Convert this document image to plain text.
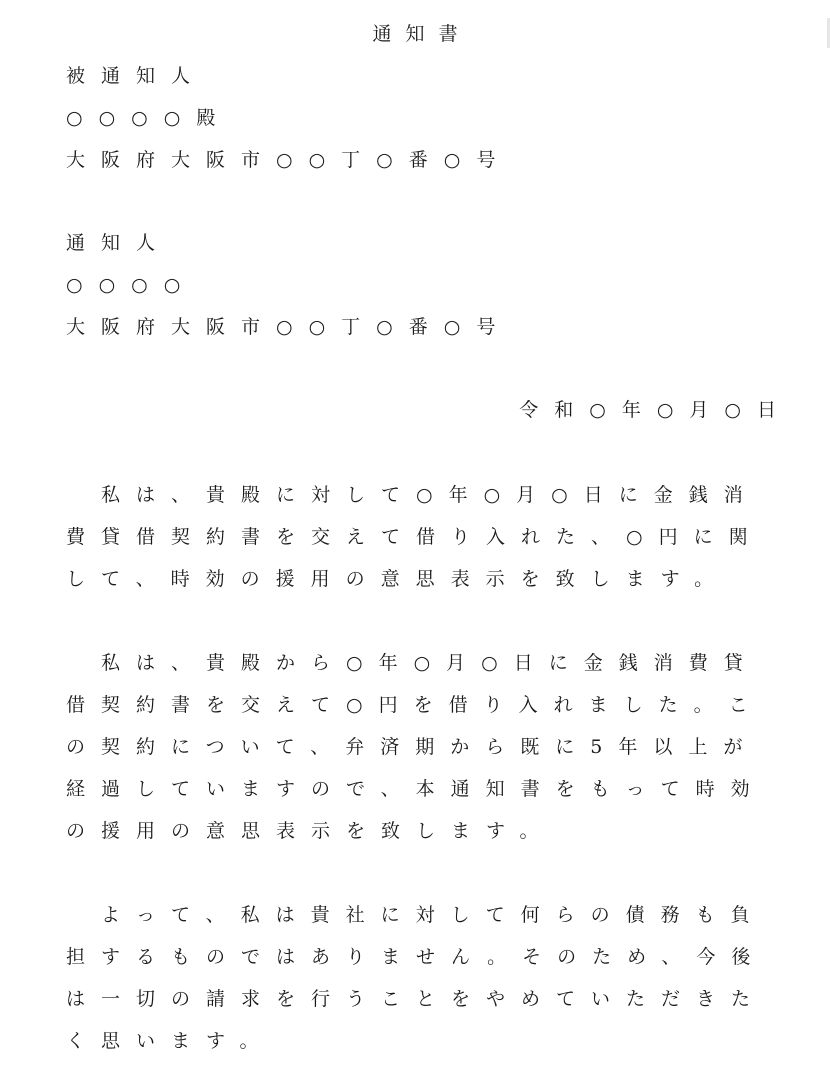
通知書
被通知人
○○○○殿
大阪府大阪市○○丁○番○号
通知人
○○○○
大阪府大阪市○○丁○番○号
令和○年○月○日
　私は、貴殿に対して○年○月○日に金銭消
費貸借契約書を交えて借り入れた、○円に関
して、時効の援用の意思表示を致します。
　私は、貴殿から○年○月○日に金銭消費貸
借契約書を交えて○円を借り入れました。こ
の契約について、弁済期から既に5年以上が
経過していますので、本通知書をもって時効
の援用の意思表示を致します。
　よって、私は貴社に対して何らの債務も負
担するものではありません。そのため、今後
は一切の請求を行うことをやめていただきた
く思います。
